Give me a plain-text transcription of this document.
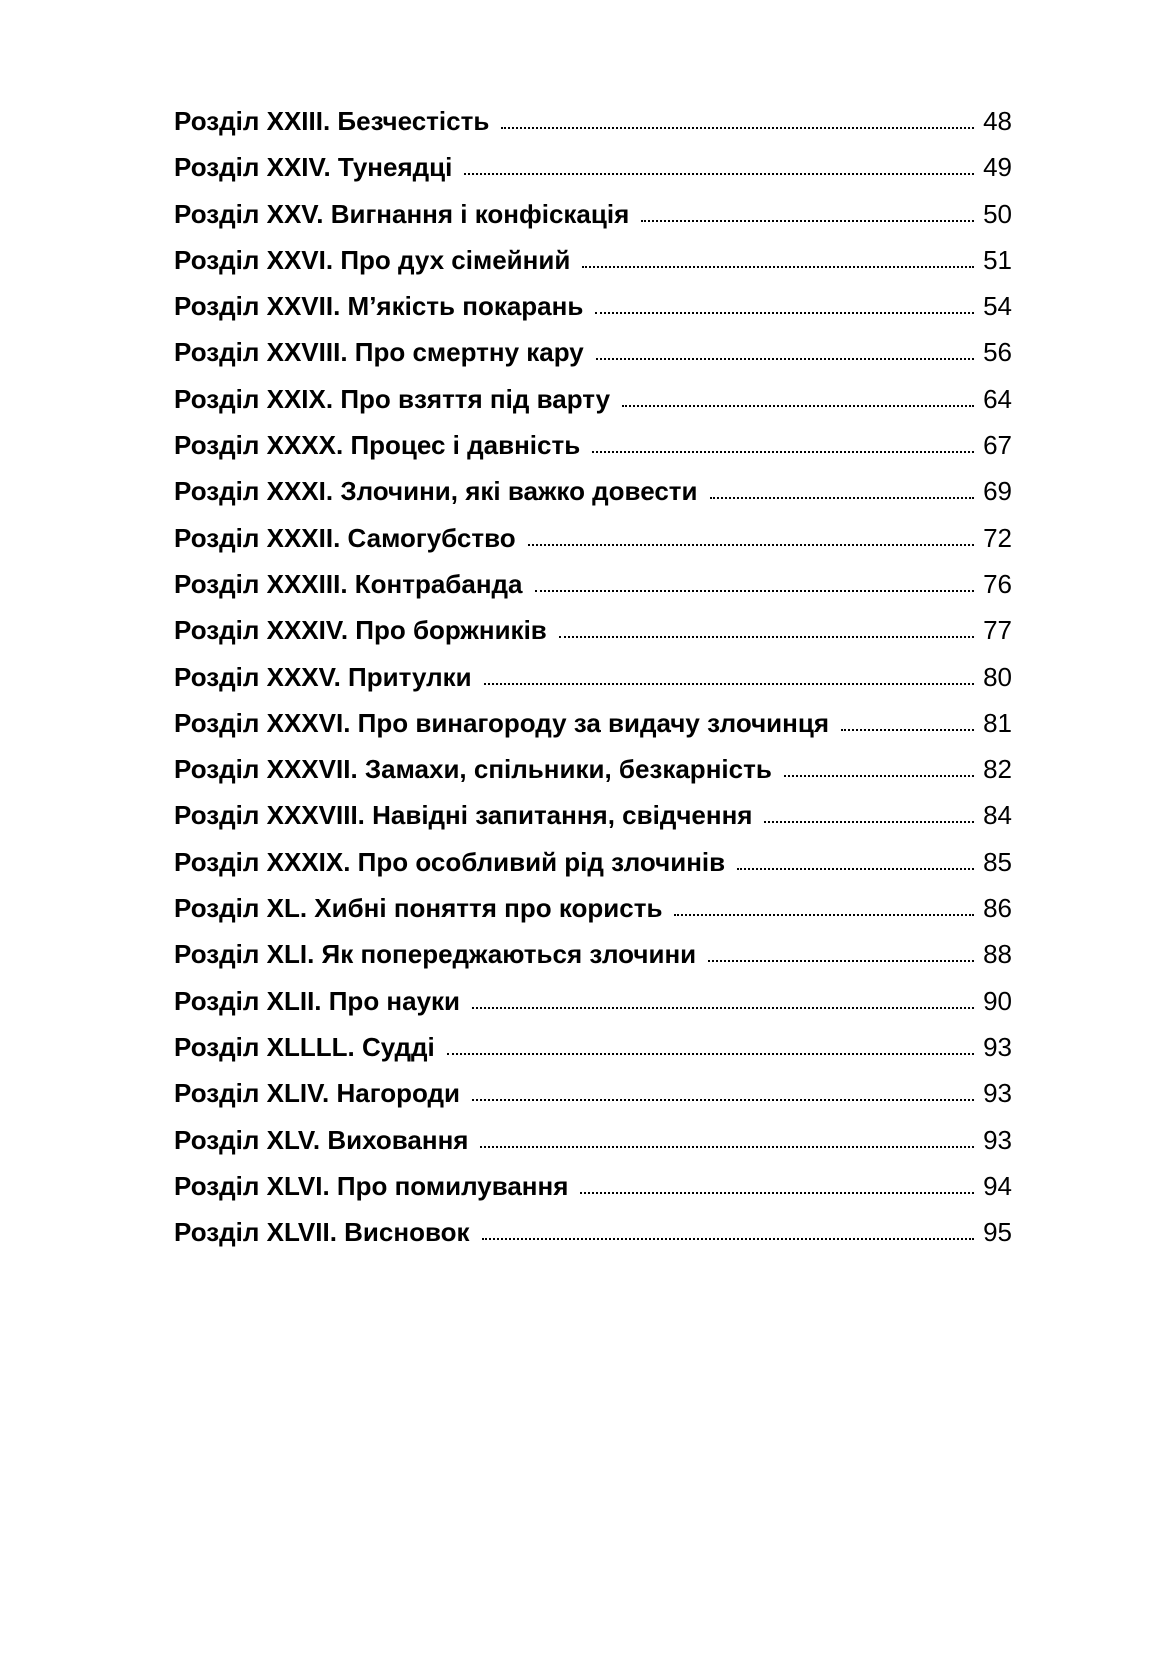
Розділ XXIII. Безчестість	48
Розділ XXIV. Тунеядці	49
Розділ XXV. Вигнання і конфіскація	50
Розділ XXVI. Про дух сімейний	51
Розділ XXVII. М’якість покарань	54
Розділ XXVIII. Про смертну кару	56
Розділ XXIX. Про взяття під варту	64
Розділ XXXX. Процес і давність	67
Розділ XXXI. Злочини, які важко довести	69
Розділ XXXII. Самогубство	72
Розділ XXXIII. Контрабанда	76
Розділ XXXIV. Про боржників	77
Розділ XXXV. Притулки	80
Розділ XXXVI. Про винагороду за видачу злочинця	81
Розділ XXXVII. Замахи, спільники, безкарність	82
Розділ XXXVIII. Навідні запитання, свідчення	84
Розділ XXXIX. Про особливий рід злочинів	85
Розділ XL. Хибні поняття про користь	86
Розділ XLI. Як попереджаються злочини	88
Розділ XLII. Про науки	90
Розділ XLLLL. Судді	93
Розділ XLIV. Нагороди	93
Розділ XLV. Виховання	93
Розділ XLVI. Про помилування	94
Розділ XLVII. Висновок	95
